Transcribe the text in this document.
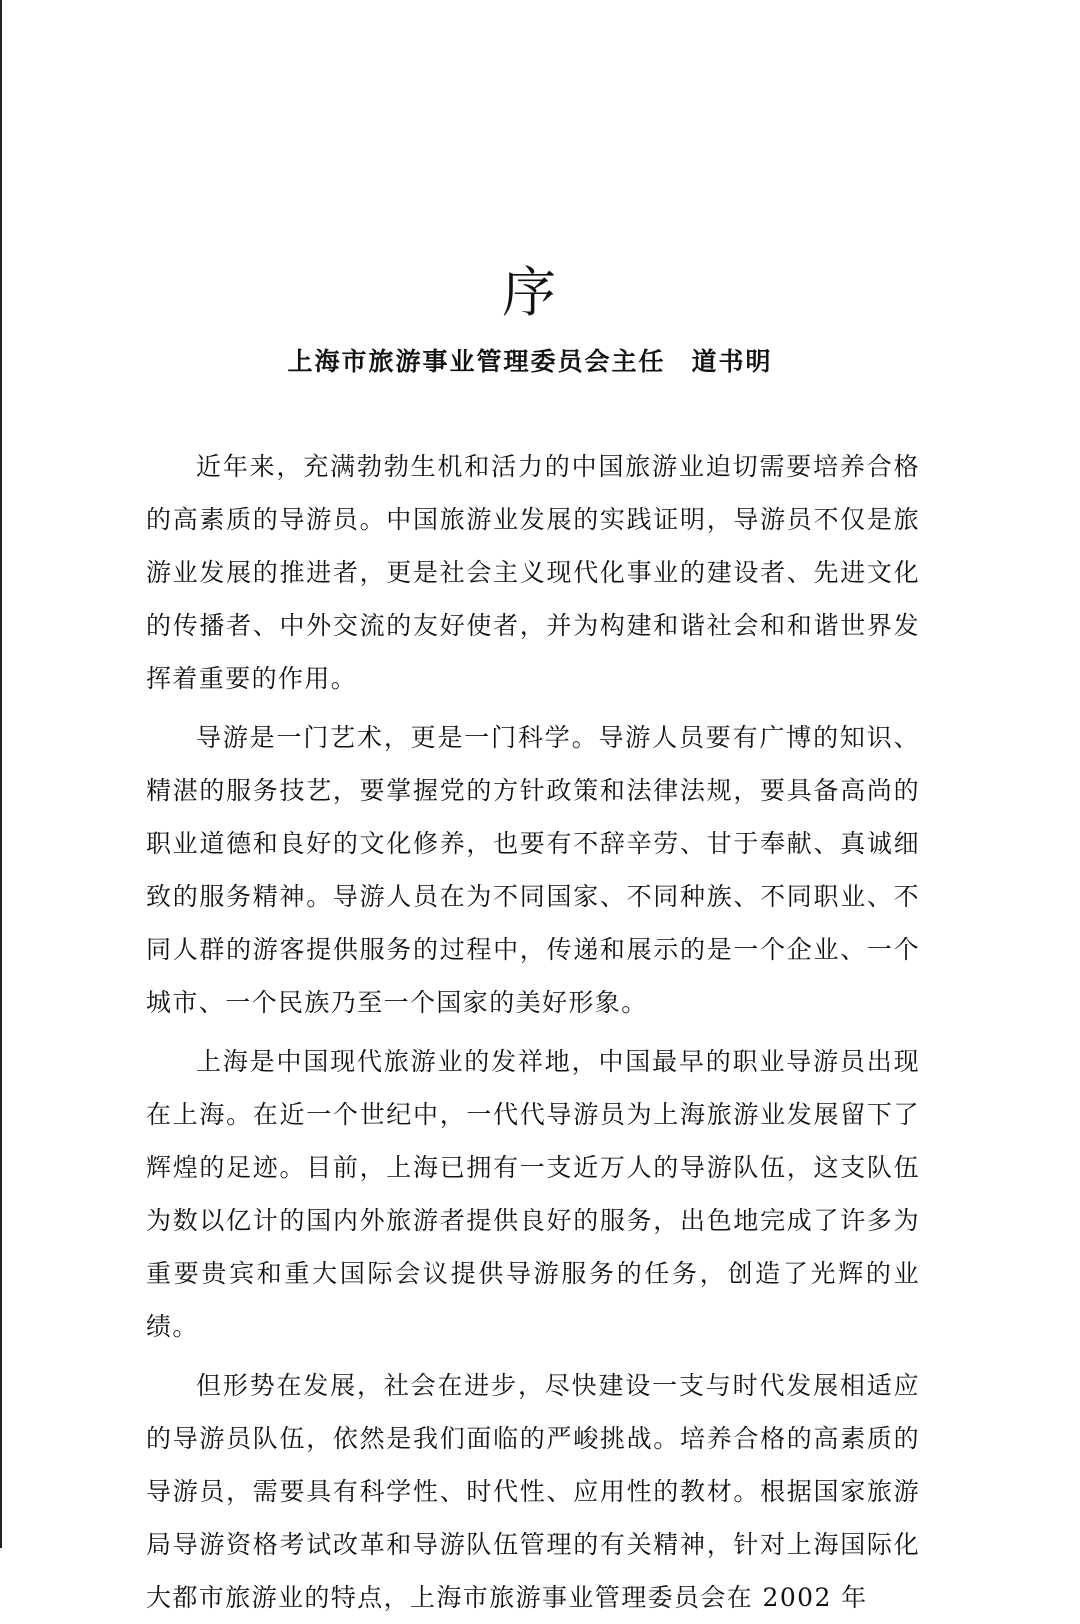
序
上海市旅游事业管理委员会主任 道书明

近年来，充满勃勃生机和活力的中国旅游业迫切需要培养合格的高素质的导游员。中国旅游业发展的实践证明，导游员不仅是旅游业发展的推进者，更是社会主义现代化事业的建设者、先进文化的传播者、中外交流的友好使者，并为构建和谐社会和和谐世界发挥着重要的作用。

导游是一门艺术，更是一门科学。导游人员要有广博的知识、精湛的服务技艺，要掌握党的方针政策和法律法规，要具备高尚的职业道德和良好的文化修养，也要有不辞辛劳、甘于奉献、真诚细致的服务精神。导游人员在为不同国家、不同种族、不同职业、不同人群的游客提供服务的过程中，传递和展示的是一个企业、一个城市、一个民族乃至一个国家的美好形象。

上海是中国现代旅游业的发祥地，中国最早的职业导游员出现在上海。在近一个世纪中，一代代导游员为上海旅游业发展留下了辉煌的足迹。目前，上海已拥有一支近万人的导游队伍，这支队伍为数以亿计的国内外旅游者提供良好的服务，出色地完成了许多为重要贵宾和重大国际会议提供导游服务的任务，创造了光辉的业绩。

但形势在发展，社会在进步，尽快建设一支与时代发展相适应的导游员队伍，依然是我们面临的严峻挑战。培养合格的高素质的导游员，需要具有科学性、时代性、应用性的教材。根据国家旅游局导游资格考试改革和导游队伍管理的有关精神，针对上海国际化大都市旅游业的特点，上海市旅游事业管理委员会在 2002 年
